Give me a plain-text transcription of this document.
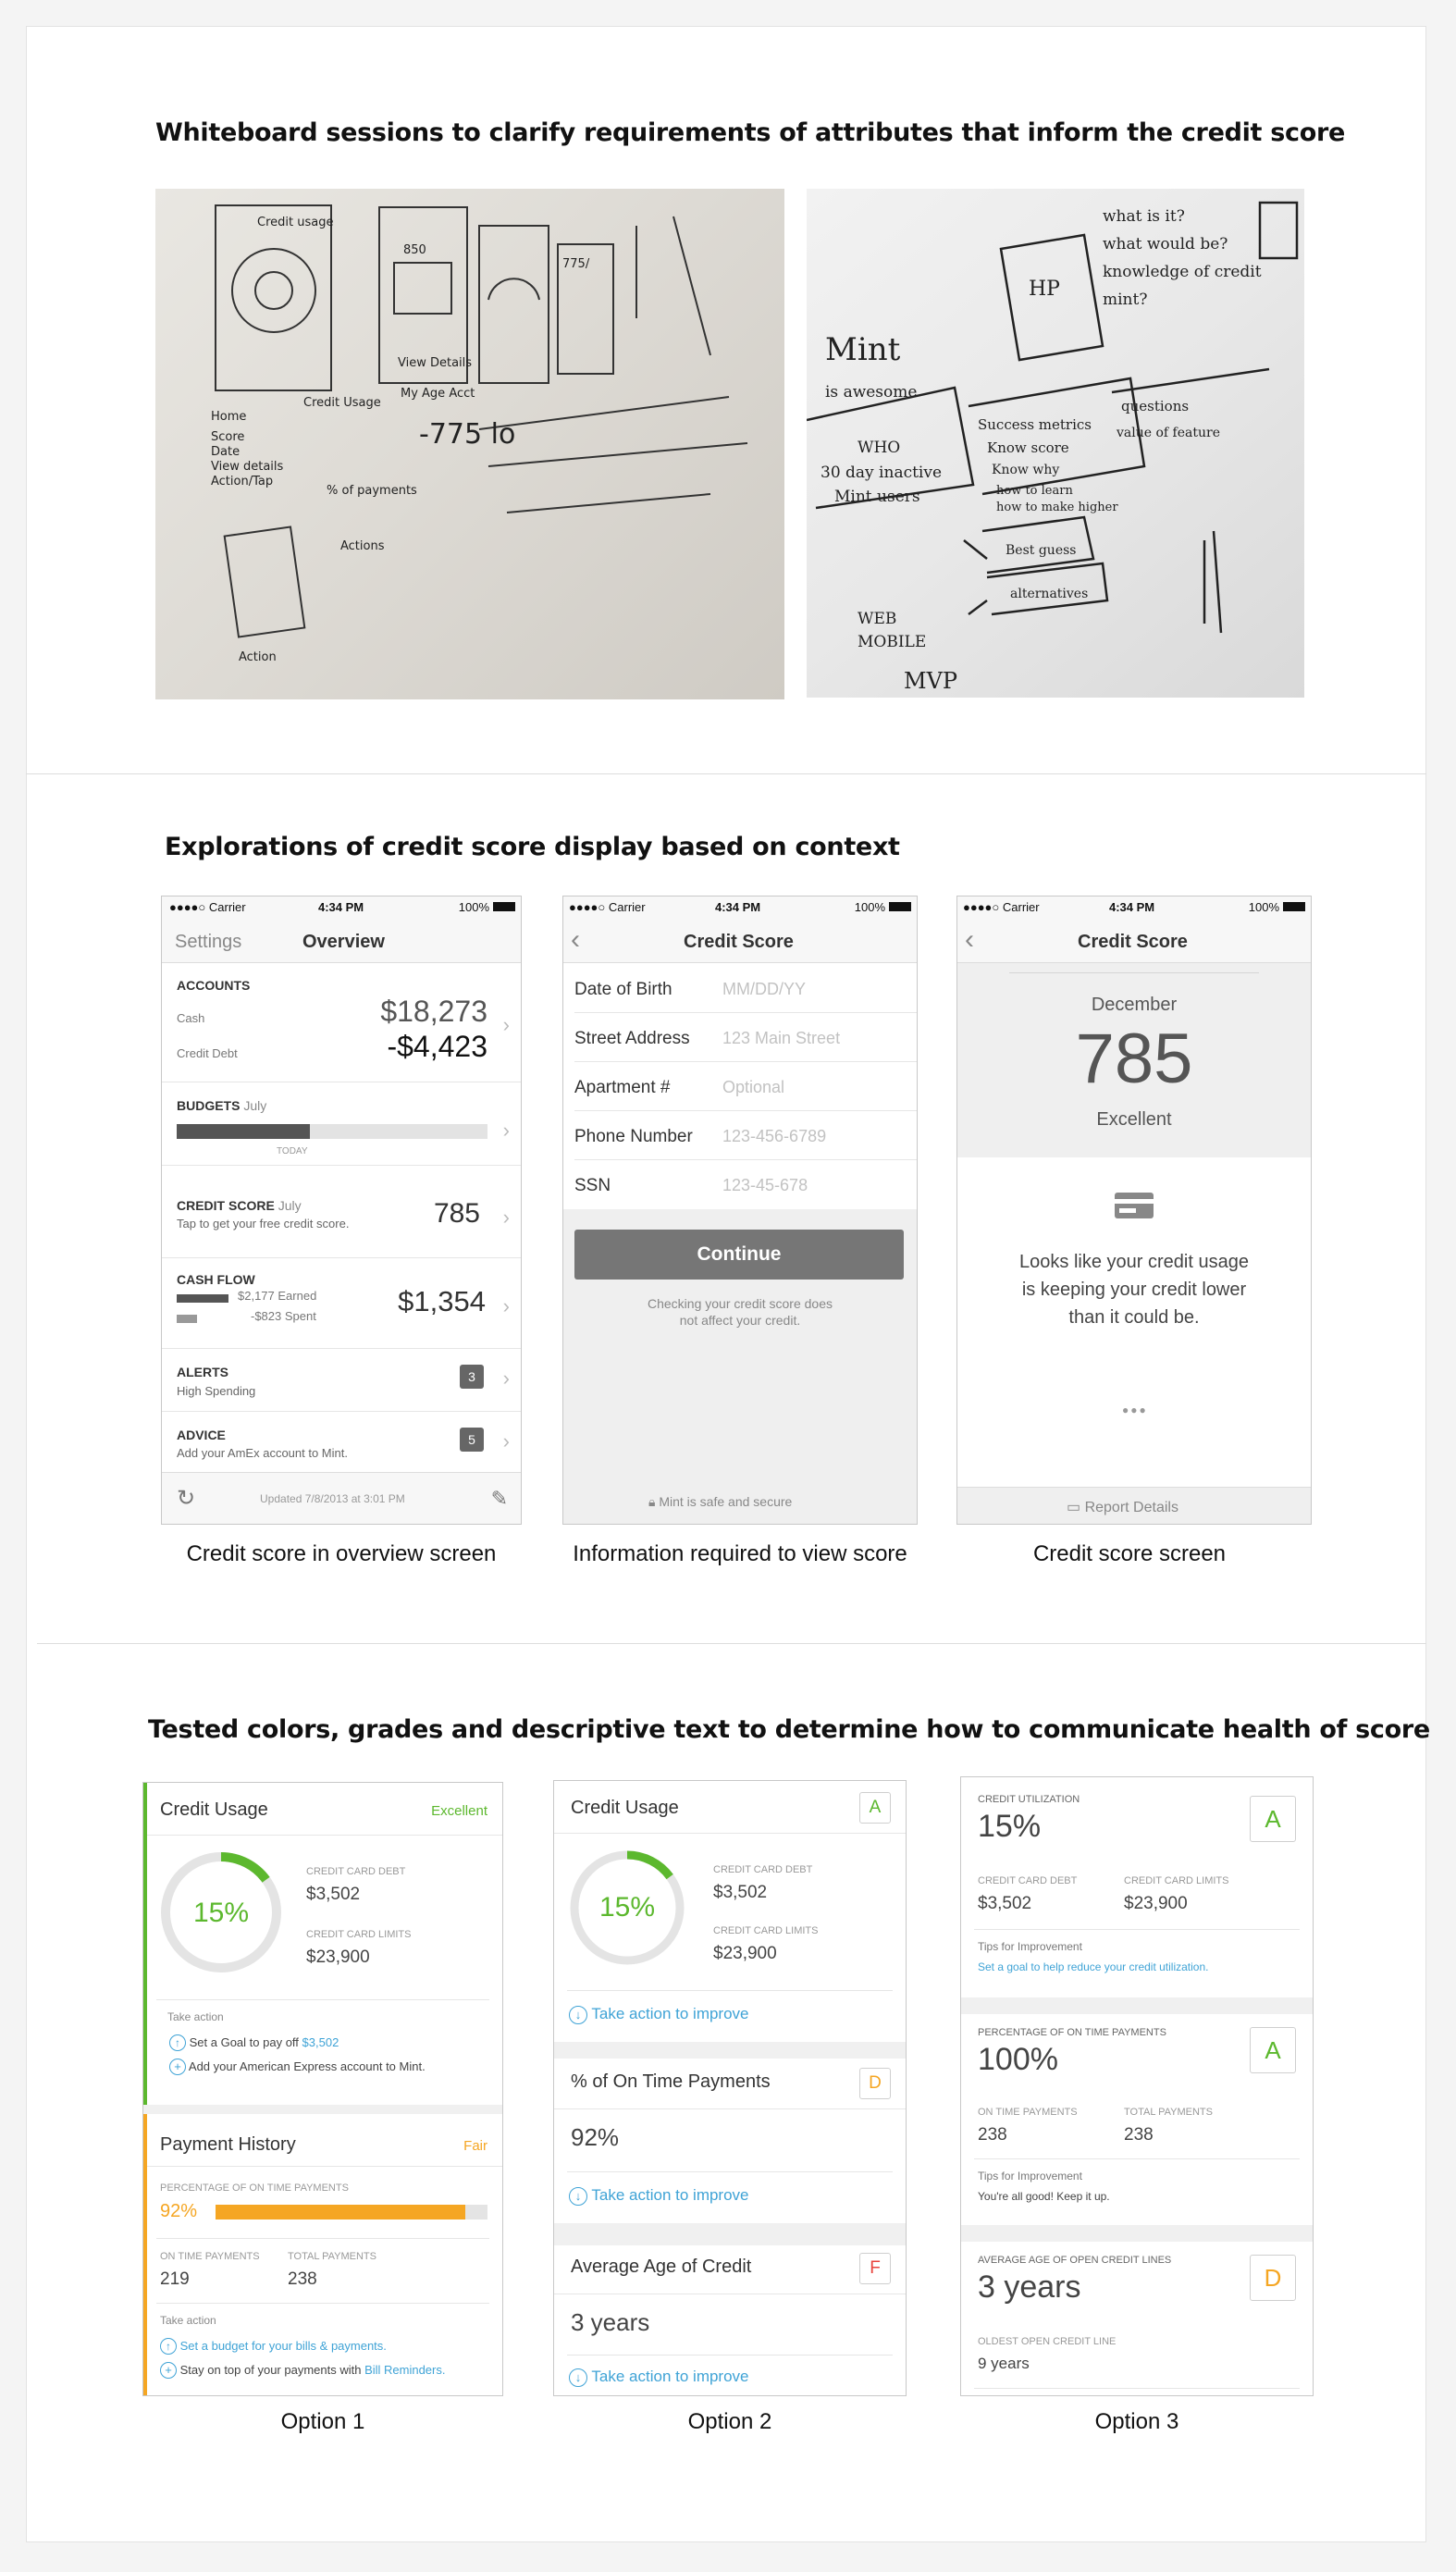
Whiteboard sessions to clarify requirements of attributes that inform the credit score
Credit usage
850
775/
Home
Score
Date
View details
Action/Tap
Credit Usage
% of payments
My Age Acct
-775 lo
View Details
Actions
Action
what is it?
what would be?
knowledge of credit
mint?
Mint
is awesome
WHO
30 day inactive
Mint users
Success metrics
Know score
Know why
how to learn
how to make higher
questions
value of feature
WEB
MOBILE
MVP
Best guess
alternatives
HP
Explorations of credit score display based on context
●●●●○ Carrier	4:34 PM	100%
Settings	Overview
ACCOUNTS
Cash	$18,273
Credit Debt	-$4,423
›
BUDGETS July
TODAY
›
CREDIT SCORE July
Tap to get your free credit score.	785 ›
CASH FLOW
$2,177 Earned
-$823 Spent	$1,354 ›
ALERTS
High Spending
3	›
ADVICE
Add your AmEx account to Mint.
5	›
↻	Updated 7/8/2013 at 3:01 PM	✎
●●●●○ Carrier	4:34 PM	100%
‹	Credit Score
Date of Birth	MM/DD/YY
Street Address 123 Main Street
Apartment #	Optional
Phone Number 123-456-6789
SSN	123-45-678
Continue
Checking your credit score does
not affect your credit.
🔒︎ Mint is safe and secure
●●●●○ Carrier	4:34 PM	100%
‹	Credit Score
December
785
Excellent
Looks like your credit usage
is keeping your credit lower
than it could be.
●●●
▭ Report Details
Credit score in overview screen	Information required to view score	Credit score screen
Tested colors, grades and descriptive text to determine how to communicate health of score
Credit Usage	Excellent
15%
CREDIT CARD DEBT
$3,502
CREDIT CARD LIMITS
$23,900
Take action
↑ Set a Goal to pay off $3,502
+ Add your American Express account to Mint.
Payment History	Fair
PERCENTAGE OF ON TIME PAYMENTS
92%
ON TIME PAYMENTS
219
TOTAL PAYMENTS
238
Take action
↑ Set a budget for your bills & payments.
+ Stay on top of your payments with Bill Reminders.
Credit Usage	A
15%
CREDIT CARD DEBT
$3,502
CREDIT CARD LIMITS
$23,900
↓ Take action to improve
% of On Time Payments	D
92%
↓ Take action to improve
Average Age of Credit	F
3 years
↓ Take action to improve
CREDIT UTILIZATION
15%	A
CREDIT CARD DEBT
$3,502
CREDIT CARD LIMITS
$23,900
Tips for Improvement
Set a goal to help reduce your credit utilization.
PERCENTAGE OF ON TIME PAYMENTS
100%	A
ON TIME PAYMENTS
238
TOTAL PAYMENTS
238
Tips for Improvement
You're all good! Keep it up.
AVERAGE AGE OF OPEN CREDIT LINES
3 years	D
OLDEST OPEN CREDIT LINE
9 years
Option 1	Option 2	Option 3
